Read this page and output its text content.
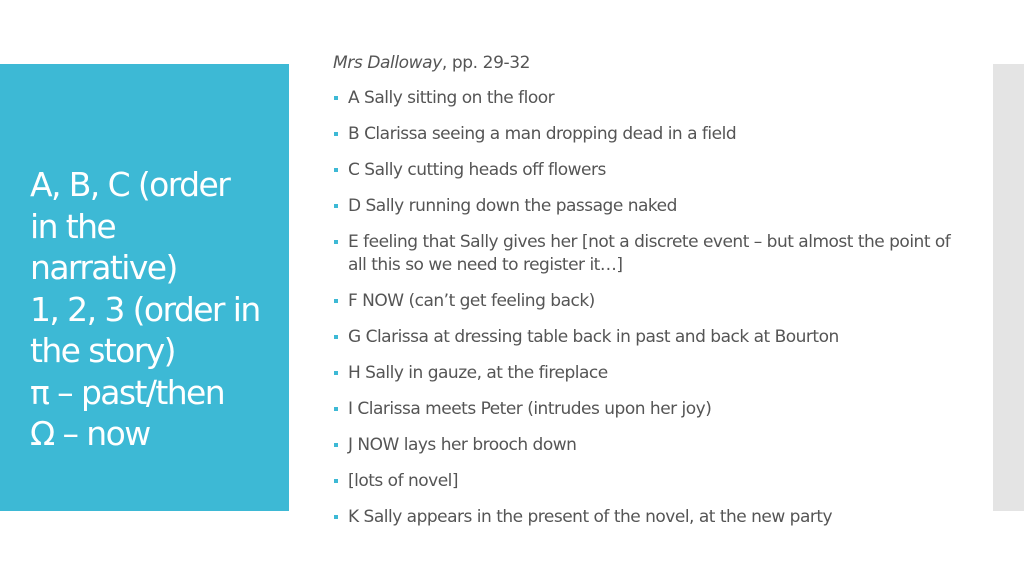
A, B, C (order
in the
narrative)
1, 2, 3 (order in
the story)
π – past/then
Ω – now
Mrs Dalloway, pp. 29-32
A Sally sitting on the floor
B Clarissa seeing a man dropping dead in a field
C Sally cutting heads off flowers
D Sally running down the passage naked
E feeling that Sally gives her [not a discrete event – but almost the point of all this so we need to register it…]
F NOW (can’t get feeling back)
G Clarissa at dressing table back in past and back at Bourton
H Sally in gauze, at the fireplace
I Clarissa meets Peter (intrudes upon her joy)
J NOW lays her brooch down
[lots of novel]
K Sally appears in the present of the novel, at the new party
